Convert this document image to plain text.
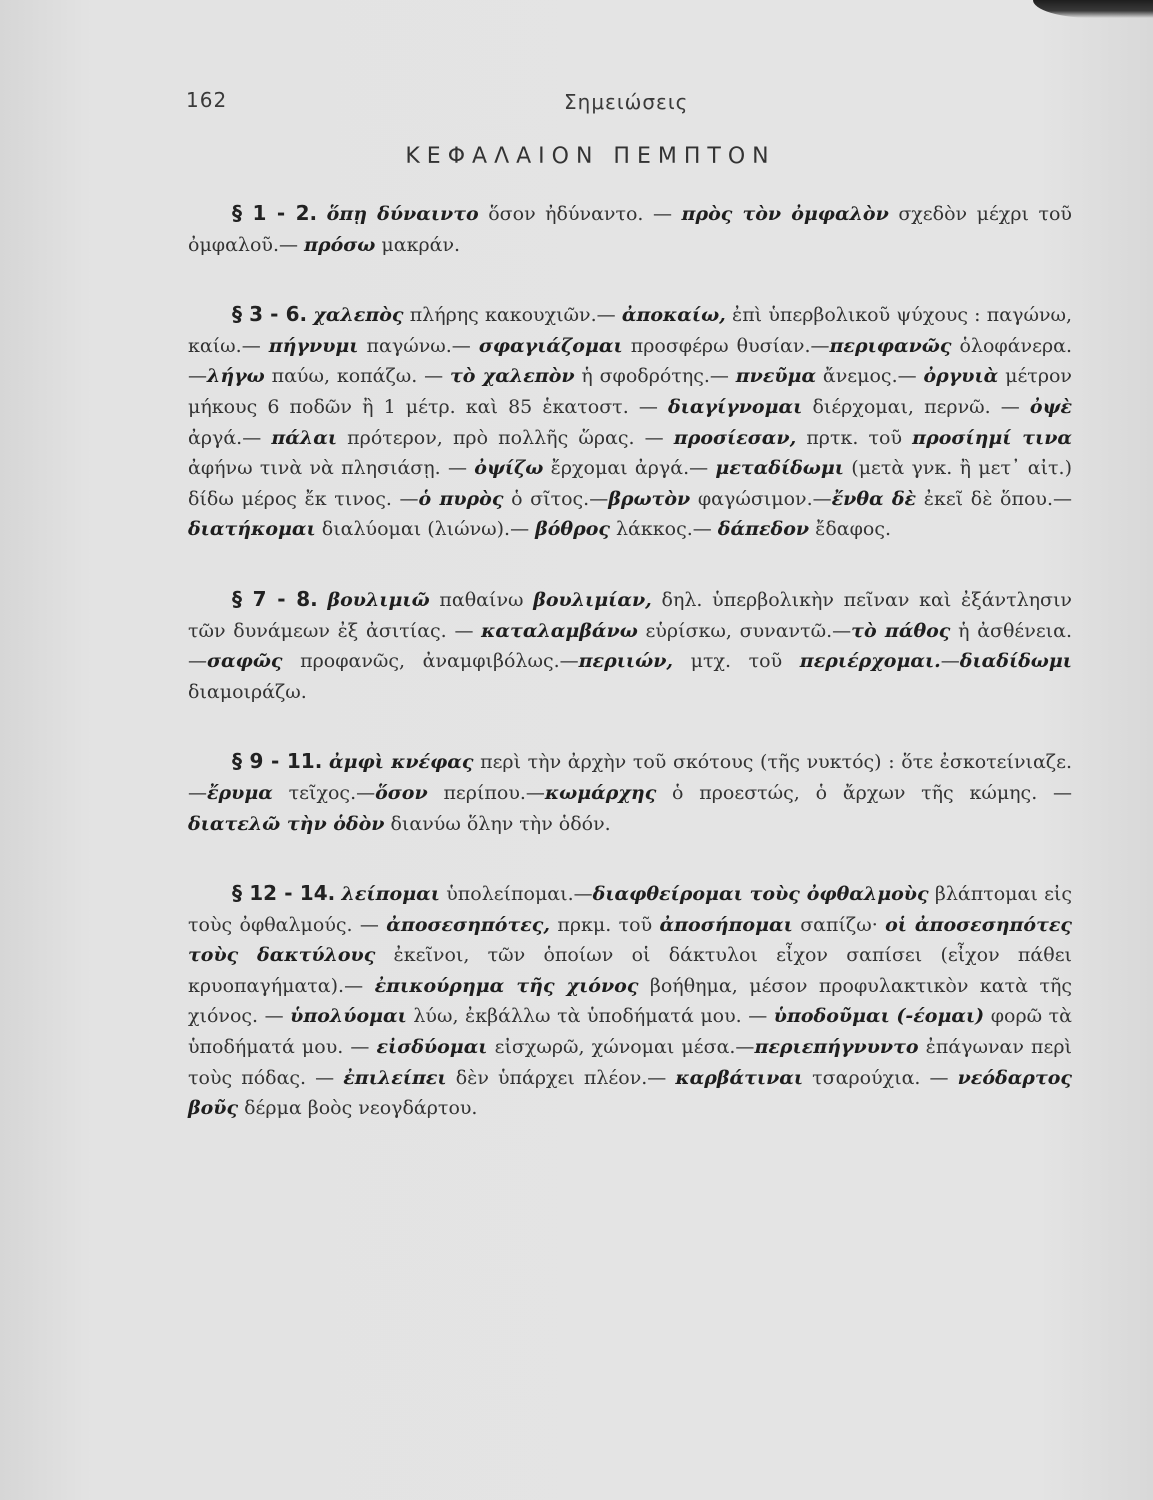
162	Σημειώσεις
ΚΕΦΑΛΑΙΟΝ ΠΕΜΠΤΟΝ

§ 1 - 2. ὅπῃ δύναιντο ὅσον ἠδύναντο. — πρὸς τὸν ὀμφαλὸν σχεδὸν μέχρι τοῦ ὀμφαλοῦ.— πρόσω μακράν.

§ 3 - 6. χαλεπὸς πλήρης κακουχιῶν.— ἀποκαίω, ἐπὶ ὑπερβολικοῦ ψύχους : παγώνω, καίω.— πήγνυμι παγώνω.— σφαγιάζομαι προσφέρω θυσίαν.—περιφανῶς ὁλοφάνερα.—λήγω παύω, κοπάζω. — τὸ χαλεπὸν ἡ σφοδρότης.— πνεῦμα ἄνεμος.— ὀργυιὰ μέτρον μήκους 6 ποδῶν ἢ 1 μέτρ. καὶ 85 ἑκατοστ. — διαγίγνομαι διέρχομαι, περνῶ. — ὀψὲ ἀργά.— πάλαι πρότερον, πρὸ πολλῆς ὥρας. — προσίεσαν, πρτκ. τοῦ προσίημί τινα ἀφήνω τινὰ νὰ πλησιάσῃ. — ὀψίζω ἔρχομαι ἀργά.— μεταδίδωμι (μετὰ γνκ. ἢ μετ᾽ αἰτ.) δίδω μέρος ἔκ τινος. —ὁ πυρὸς ὁ σῖτος.—βρωτὸν φαγώσιμον.—ἔνθα δὲ ἐκεῖ δὲ ὅπου.— διατήκομαι διαλύομαι (λιώνω).— βόθρος λάκκος.— δάπεδον ἔδαφος.

§ 7 - 8. βουλιμιῶ παθαίνω βουλιμίαν, δηλ. ὑπερβολικὴν πεῖναν καὶ ἐξάντλησιν τῶν δυνάμεων ἐξ ἀσιτίας. — καταλαμβάνω εὑρίσκω, συναντῶ.—τὸ πάθος ἡ ἀσθένεια.—σαφῶς προφανῶς, ἀναμφιβόλως.—περιιών, μτχ. τοῦ περιέρχομαι.—διαδίδωμι διαμοιράζω.

§ 9 - 11. ἀμφὶ κνέφας περὶ τὴν ἀρχὴν τοῦ σκότους (τῆς νυκτός) : ὅτε ἐσκοτείνιαζε.—ἔρυμα τεῖχος.—ὅσον περίπου.—κωμάρχης ὁ προεστώς, ὁ ἄρχων τῆς κώμης. — διατελῶ τὴν ὁδὸν διανύω ὅλην τὴν ὁδόν.

§ 12 - 14. λείπομαι ὑπολείπομαι.—διαφθείρομαι τοὺς ὀφθαλμοὺς βλάπτομαι εἰς τοὺς ὀφθαλμούς. — ἀποσεσηπότες, πρκμ. τοῦ ἀποσήπομαι σαπίζω· οἱ ἀποσεσηπότες τοὺς δακτύλους ἐκεῖνοι, τῶν ὁποίων οἱ δάκτυλοι εἶχον σαπίσει (εἶχον πάθει κρυοπαγήματα).— ἐπικούρημα τῆς χιόνος βοήθημα, μέσον προφυλακτικὸν κατὰ τῆς χιόνος. — ὑπολύομαι λύω, ἐκβάλλω τὰ ὑποδήματά μου. — ὑποδοῦμαι (-έομαι) φορῶ τὰ ὑποδήματά μου. — εἰσδύομαι εἰσχωρῶ, χώνομαι μέσα.—περιεπήγνυντο ἐπάγωναν περὶ τοὺς πόδας. — ἐπιλείπει δὲν ὑπάρχει πλέον.— καρβάτιναι τσαρούχια. — νεόδαρτος βοῦς δέρμα βοὸς νεογδάρτου.
